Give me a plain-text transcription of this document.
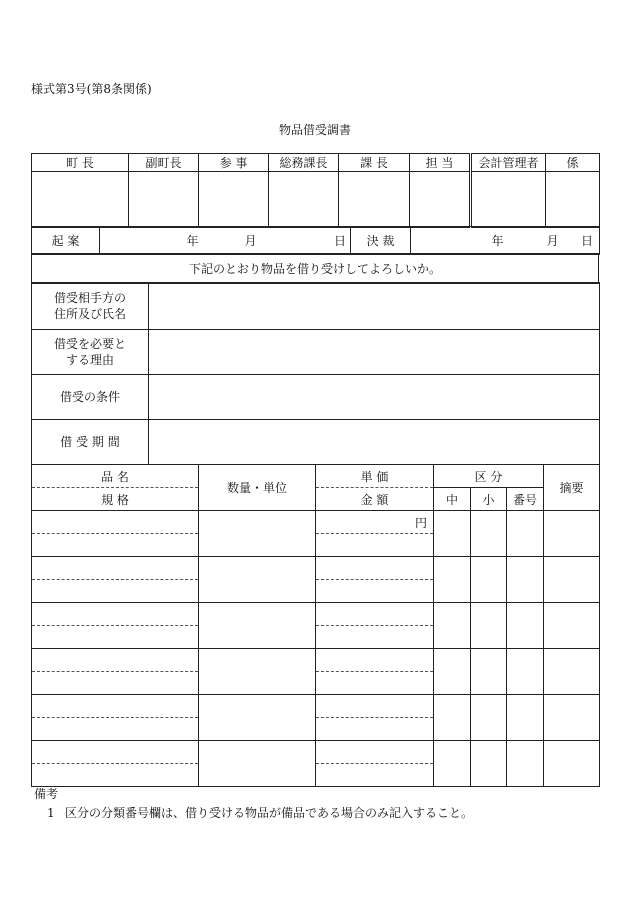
様式第3号(第8条関係)
物品借受調書
町 長	副町長	参 事	総務課長	課 長	担 当	会計管理者	係

起 案	年	月	日	決 裁	年	月	日
下記のとおり物品を借り受けしてよろしいか。
借受相手方の
住所及び氏名	

借受を必要と
する理由	

借受の条件	
借 受 期 間	
品 名	数量・単位	単 価	区 分			摘要
規 格		金 額	中	小	番号	
		円				

備考
1 区分の分類番号欄は、借り受ける物品が備品である場合のみ記入すること。
